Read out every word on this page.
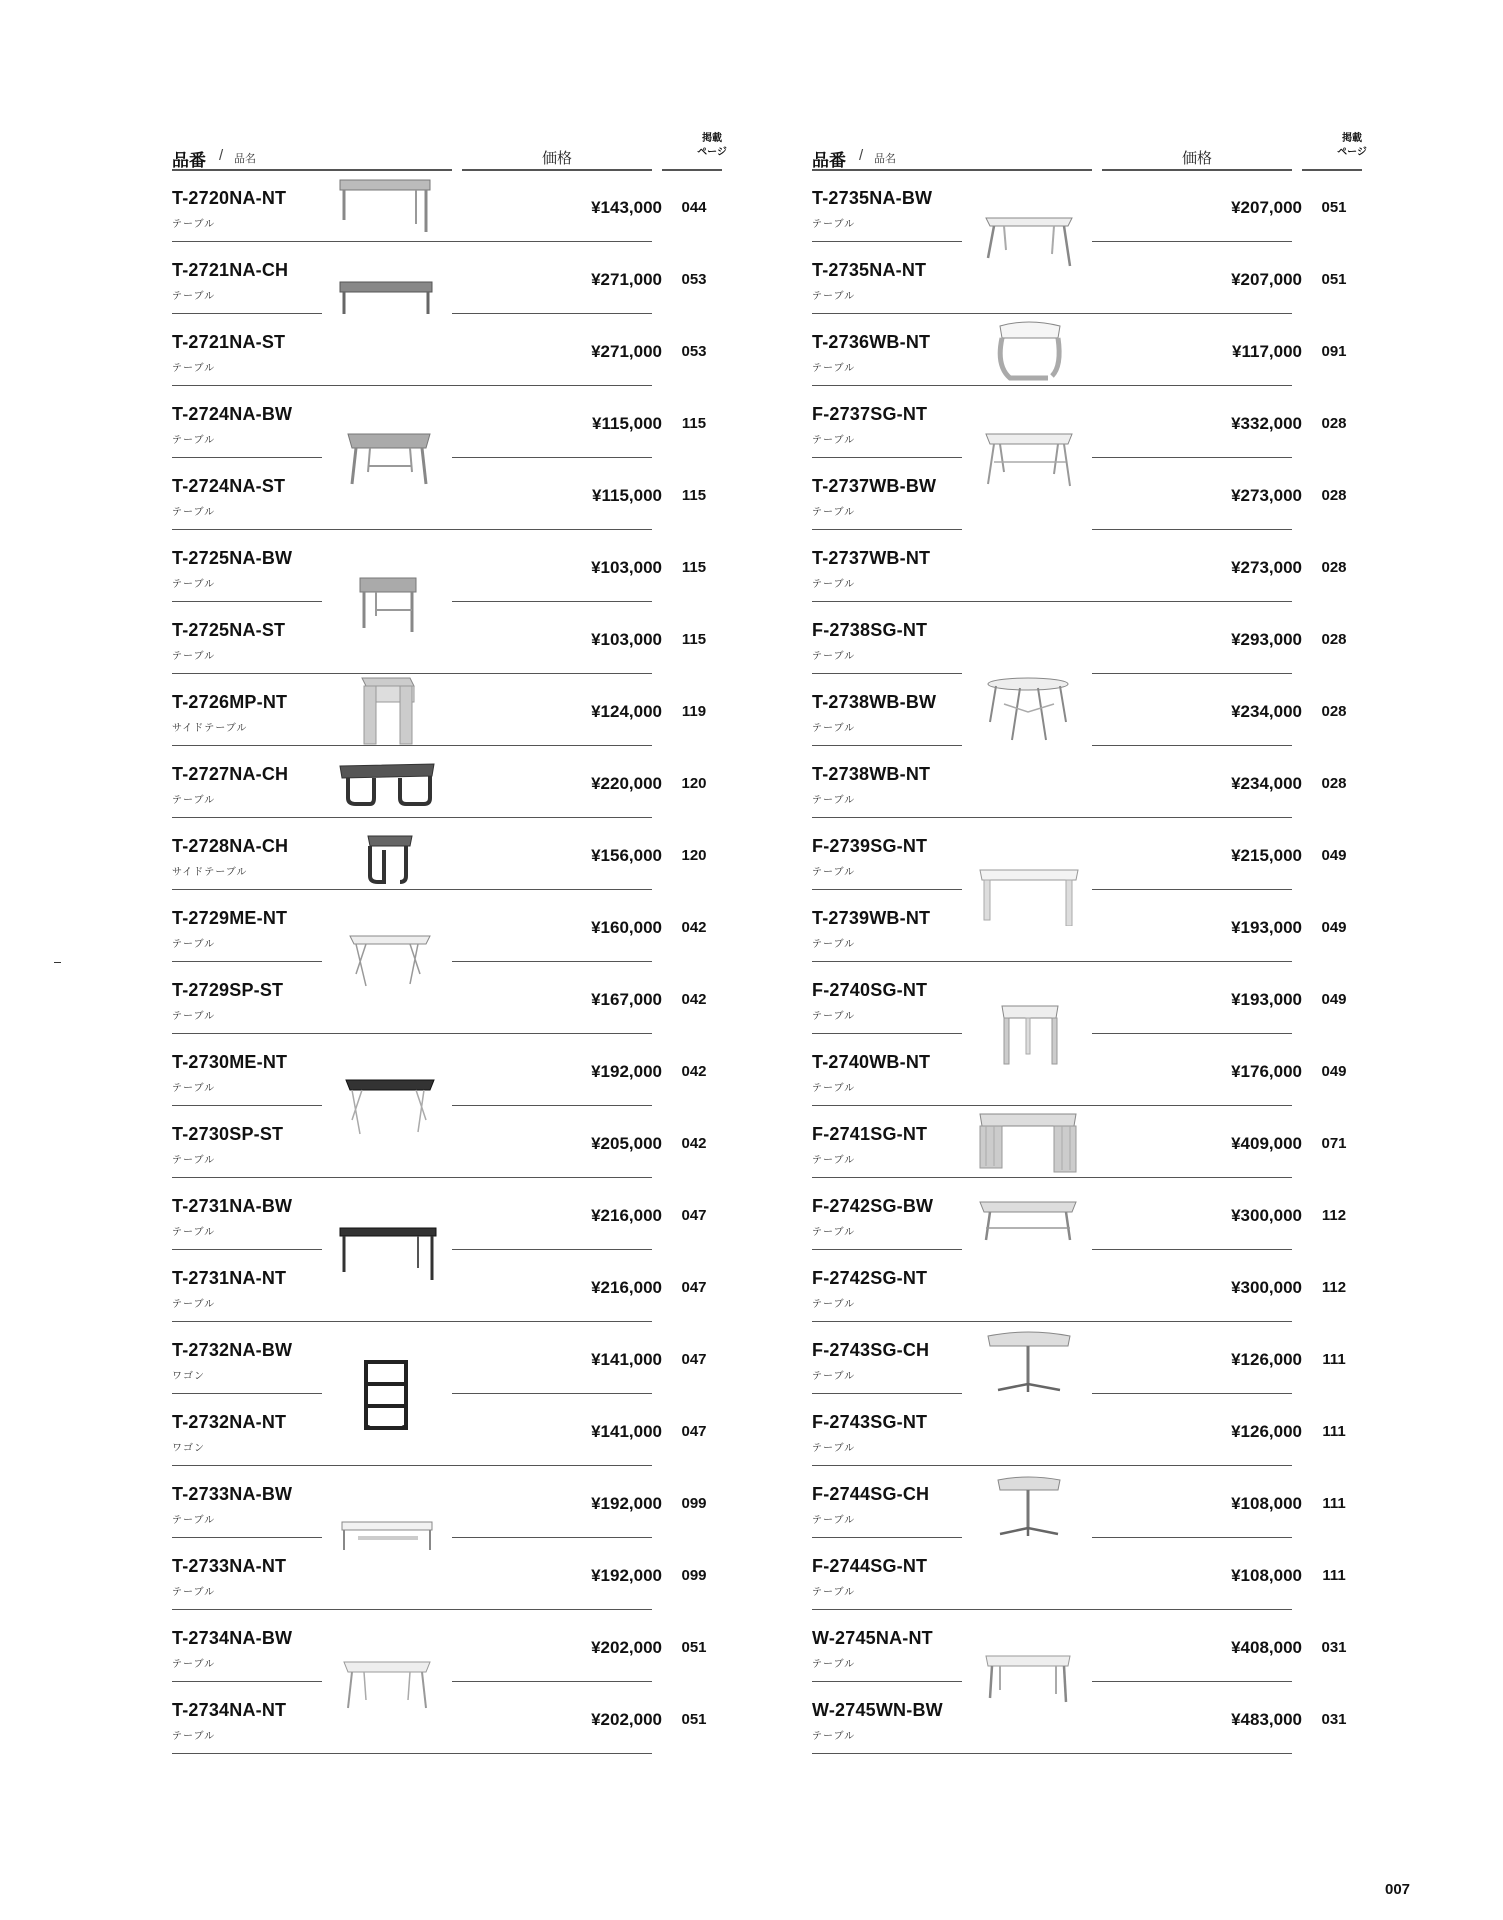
品番 / 品名	価格
掲載
ページ
T-2720NA-NT
テーブル
¥143,000	044
T-2721NA-CH
テーブル
¥271,000	053
T-2721NA-ST
テーブル
¥271,000	053
T-2724NA-BW
テーブル
¥115,000	115
T-2724NA-ST
テーブル
¥115,000	115
T-2725NA-BW
テーブル
¥103,000	115
T-2725NA-ST
テーブル
¥103,000	115
T-2726MP-NT
サイドテーブル
¥124,000	119
T-2727NA-CH
テーブル
¥220,000	120
T-2728NA-CH
サイドテーブル
¥156,000	120
T-2729ME-NT
テーブル
¥160,000	042
T-2729SP-ST
テーブル
¥167,000	042
T-2730ME-NT
テーブル
¥192,000	042
T-2730SP-ST
テーブル
¥205,000	042
T-2731NA-BW
テーブル
¥216,000	047
T-2731NA-NT
テーブル
¥216,000	047
T-2732NA-BW
ワゴン
¥141,000	047
T-2732NA-NT
ワゴン
¥141,000	047
T-2733NA-BW
テーブル
¥192,000	099
T-2733NA-NT
テーブル
¥192,000	099
T-2734NA-BW
テーブル
¥202,000	051
T-2734NA-NT
テーブル
¥202,000	051
品番 / 品名	価格
掲載
ページ
T-2735NA-BW
テーブル
¥207,000	051
T-2735NA-NT
テーブル
¥207,000	051
T-2736WB-NT
テーブル
¥117,000	091
F-2737SG-NT
テーブル
¥332,000	028
T-2737WB-BW
テーブル
¥273,000	028
T-2737WB-NT
テーブル
¥273,000	028
F-2738SG-NT
テーブル
¥293,000	028
T-2738WB-BW
テーブル
¥234,000	028
T-2738WB-NT
テーブル
¥234,000	028
F-2739SG-NT
テーブル
¥215,000	049
T-2739WB-NT
テーブル
¥193,000	049
F-2740SG-NT
テーブル
¥193,000	049
T-2740WB-NT
テーブル
¥176,000	049
F-2741SG-NT
テーブル
¥409,000	071
F-2742SG-BW
テーブル
¥300,000	112
F-2742SG-NT
テーブル
¥300,000	112
F-2743SG-CH
テーブル
¥126,000	111
F-2743SG-NT
テーブル
¥126,000	111
F-2744SG-CH
テーブル
¥108,000	111
F-2744SG-NT
テーブル
¥108,000	111
W-2745NA-NT
テーブル
¥408,000	031
W-2745WN-BW
テーブル
¥483,000	031
007
